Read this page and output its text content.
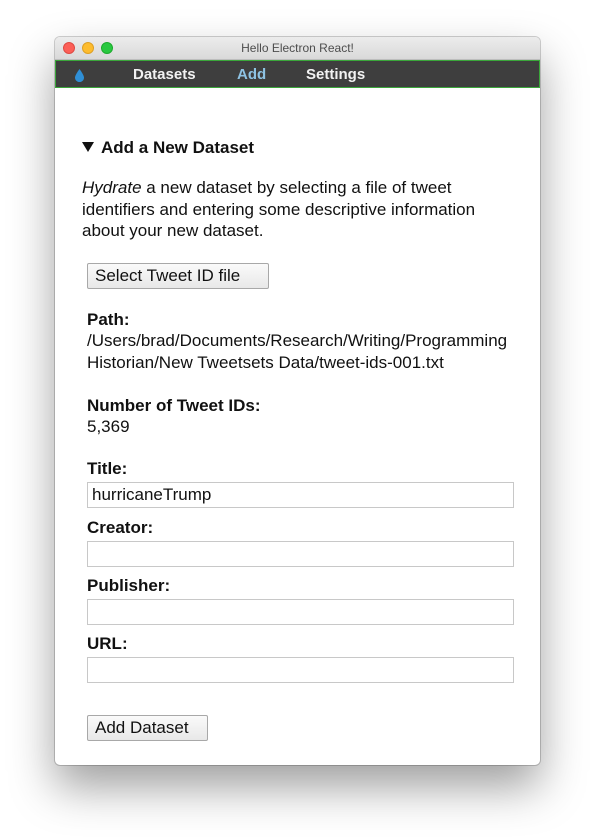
Hello Electron React!
Datasets	Add	Settings
Add a New Dataset
Hydrate a new dataset by selecting a file of tweet identifiers and entering some descriptive information about your new dataset.
Select Tweet ID file
Path:
/Users/brad/Documents/Research/Writing/Programming
Historian/New Tweetsets Data/tweet-ids-001.txt
Number of Tweet IDs:
5,369
Title:
hurricaneTrump
Creator:
Publisher:
URL:
Add Dataset
